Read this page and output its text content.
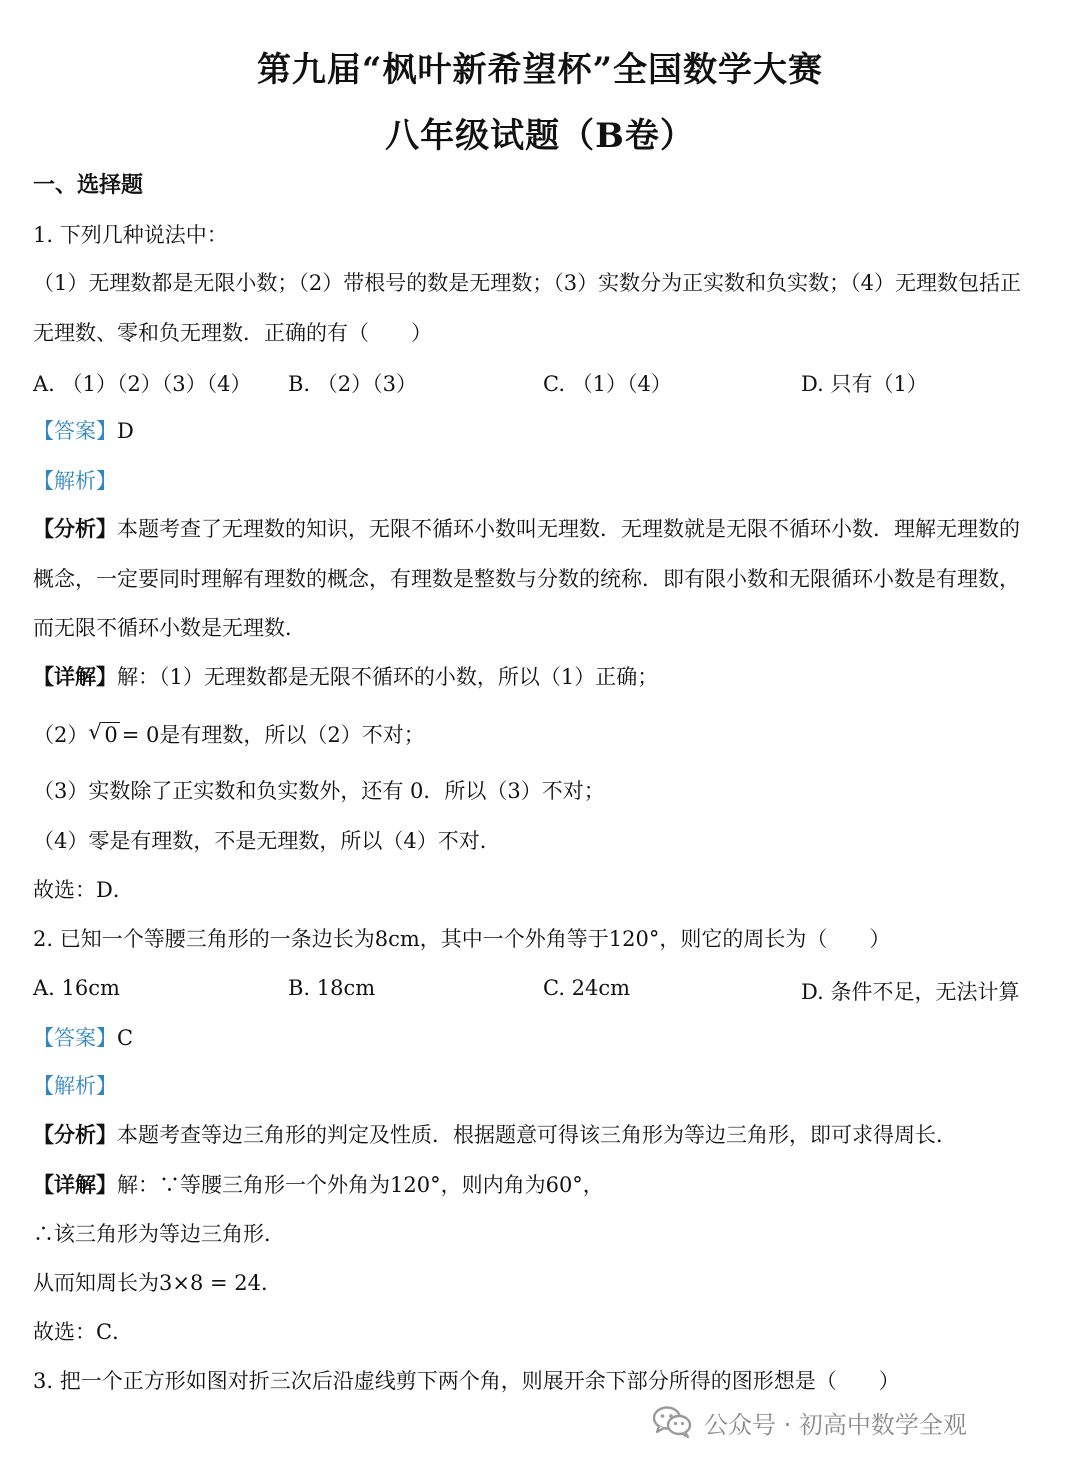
第九届“枫叶新希望杯”全国数学大赛
八年级试题（B卷）
一、选择题
1. 下列几种说法中：
（1）无理数都是无限小数；（2）带根号的数是无理数；（3）实数分为正实数和负实数；（4）无理数包括正
无理数、零和负无理数．正确的有（　　）
A. （1）（2）（3）（4） B. （2）（3）	C. （1）（4）	D. 只有（1）
【答案】D
【解析】
【分析】本题考查了无理数的知识，无限不循环小数叫无理数．无理数就是无限不循环小数．理解无理数的
概念，一定要同时理解有理数的概念，有理数是整数与分数的统称．即有限小数和无限循环小数是有理数，
而无限不循环小数是无理数．
【详解】解：（1）无理数都是无限不循环的小数，所以（1）正确；
（2） √ 0 = 0是有理数，所以（2）不对；
（3）实数除了正实数和负实数外，还有 0．所以（3）不对；
（4）零是有理数，不是无理数，所以（4）不对．
故选：D．
2. 已知一个等腰三角形的一条边长为8cm，其中一个外角等于120°，则它的周长为（　　）
A. 16cm	B. 18cm	C. 24cm	D. 条件不足，无法计算
【答案】C
【解析】
【分析】本题考查等边三角形的判定及性质．根据题意可得该三角形为等边三角形，即可求得周长．
【详解】解：∵等腰三角形一个外角为120°，则内角为60°，
∴该三角形为等边三角形．
从而知周长为3×8 = 24．
故选：C．
3. 把一个正方形如图对折三次后沿虚线剪下两个角，则展开余下部分所得的图形想是（　　）
公众号 · 初高中数学全观
